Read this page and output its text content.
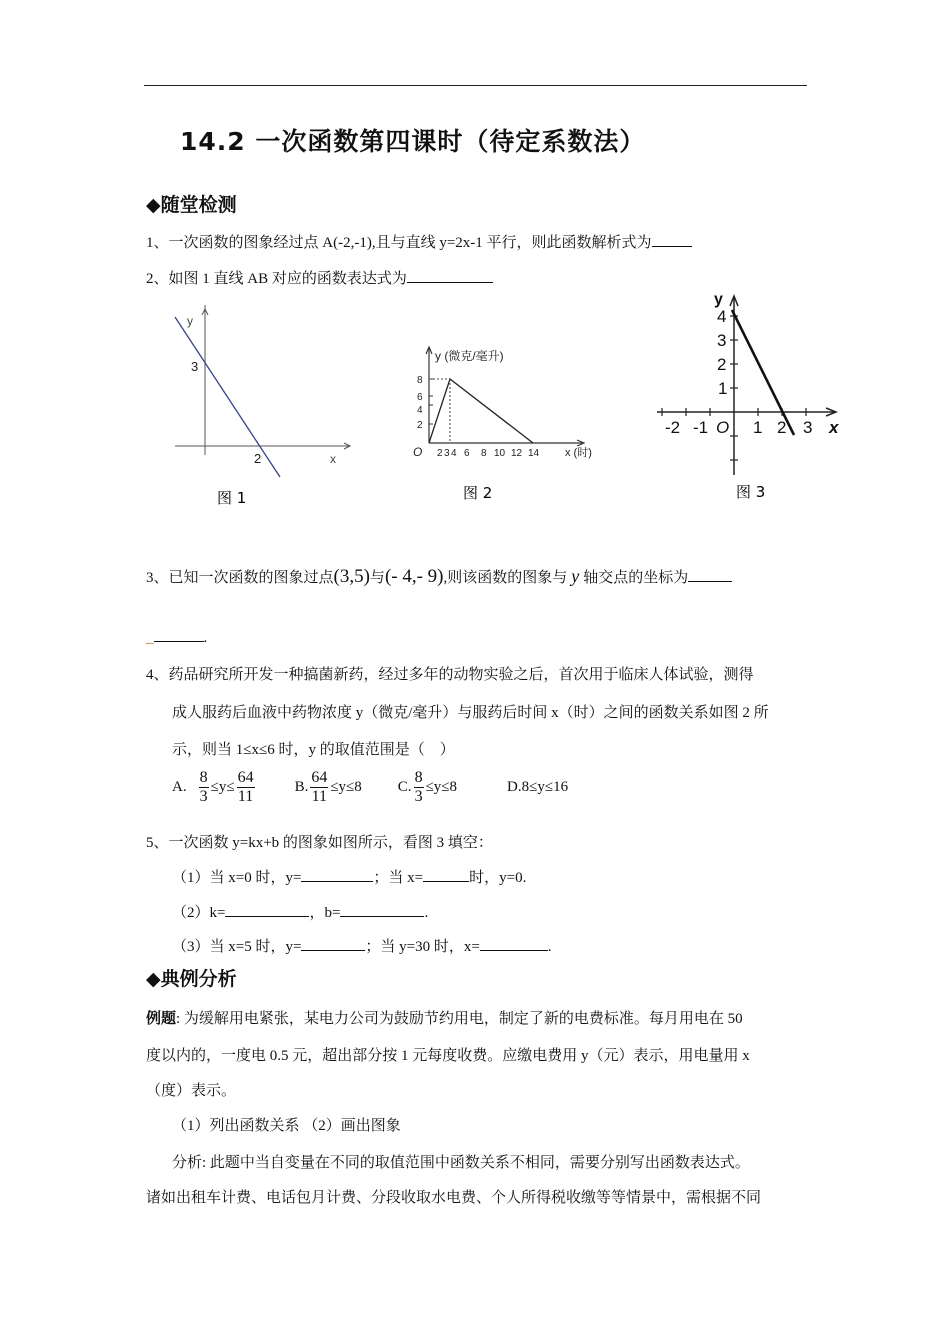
14.2 一次函数第四课时（待定系数法）
◆随堂检测
1、一次函数的图象经过点 A(-2,-1),且与直线 y=2x-1 平行，则此函数解析式为
2、如图 1 直线 AB 对应的函数表达式为
y
x
3
2
图 1
y (微克/毫升)
8
6
4
2
O 2 3 4 6 8 10 12 14 x (时)
图 2
y
4
3
2
1
-2 -1 O 1 2 3 x
图 3
3、已知一次函数的图象过点(3,5)与(- 4,- 9),则该函数的图象与 y 轴交点的坐标为
_	.
4、药品研究所开发一种搞菌新药，经过多年的动物实验之后，首次用于临床人体试验，测得
成人服药后血液中药物浓度 y（微克/毫升）与服药后时间 x（时）之间的函数关系如图 2 所
示，则当 1≤x≤6 时，y 的取值范围是（　）
A. $\frac{8}{3} \le y\le \frac{64}{11}$	B. $\frac{64}{11} \le y\le 8$ C. $\frac{8}{3} \le y\le 8$	D.8≤y≤16
5、一次函数 y=kx+b 的图象如图所示，看图 3 填空：
（1）当 x=0 时，y=	；当 x=	时，y=0.
（2）k=	，b=	.
（3）当 x=5 时，y=	；当 y=30 时，x=	.
◆典例分析
例题: 为缓解用电紧张，某电力公司为鼓励节约用电，制定了新的电费标准。每月用电在 50
度以内的，一度电 0.5 元，超出部分按 1 元每度收费。应缴电费用 y（元）表示，用电量用 x
（度）表示。
（1）列出函数关系 （2）画出图象
分析: 此题中当自变量在不同的取值范围中函数关系不相同，需要分别写出函数表达式。
诸如出租车计费、电话包月计费、分段收取水电费、个人所得税收缴等等情景中，需根据不同
